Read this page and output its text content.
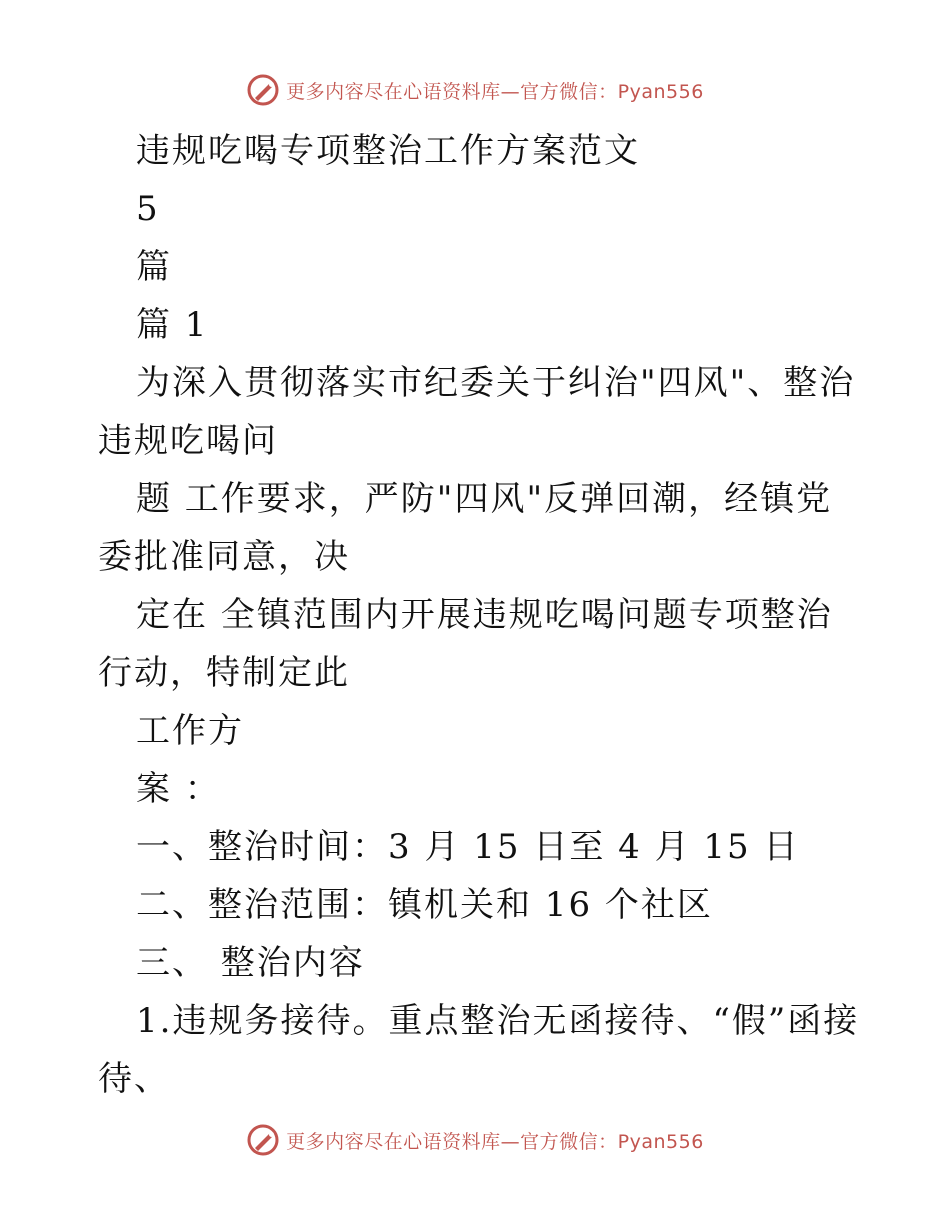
更多内容尽在心语资料库—官方微信：Pyan556

违规吃喝专项整治工作方案范文

5

篇

篇 1

为深入贯彻落实市纪委关于纠治"四风"、整治违规吃喝问

题 工作要求，严防"四风"反弹回潮，经镇党委批准同意，决

定在 全镇范围内开展违规吃喝问题专项整治行动，特制定此

工作方

案 ：

一、整治时间：3 月 15 日至 4 月 15 日

二、整治范围：镇机关和 16 个社区

三、 整治内容

1.违规务接待。重点整治无函接待、“假”函接待、

更多内容尽在心语资料库—官方微信：Pyan556
